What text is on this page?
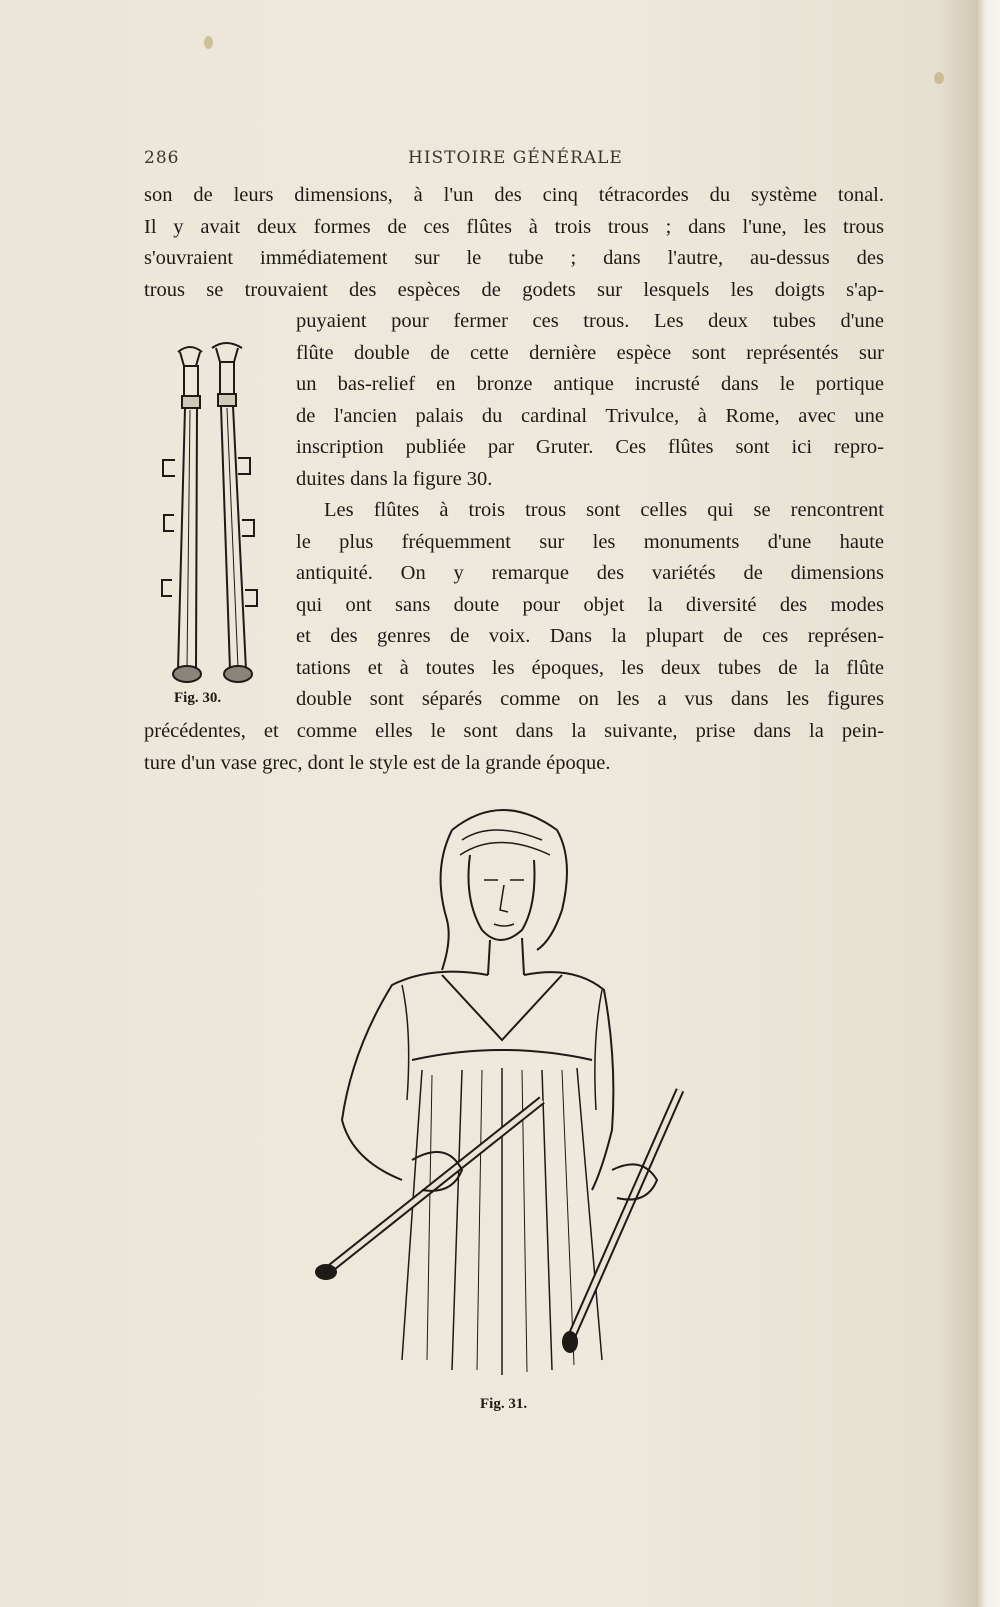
286	HISTOIRE GÉNÉRALE
son de leurs dimensions, à l'un des cinq tétracordes du système tonal.
Il y avait deux formes de ces flûtes à trois trous ; dans l'une, les trous
s'ouvraient immédiatement sur le tube ; dans l'autre, au-dessus des
trous se trouvaient des espèces de godets sur lesquels les doigts s'ap-
puyaient pour fermer ces trous. Les deux tubes d'une
flûte double de cette dernière espèce sont représentés sur
un bas-relief en bronze antique incrusté dans le portique
de l'ancien palais du cardinal Trivulce, à Rome, avec une
inscription publiée par Gruter. Ces flûtes sont ici repro-
duites dans la figure 30.
Les flûtes à trois trous sont celles qui se rencontrent
le plus fréquemment sur les monuments d'une haute
antiquité. On y remarque des variétés de dimensions
qui ont sans doute pour objet la diversité des modes
et des genres de voix. Dans la plupart de ces représen-
tations et à toutes les époques, les deux tubes de la flûte
double sont séparés comme on les a vus dans les figures
précédentes, et comme elles le sont dans la suivante, prise dans la pein-
ture d'un vase grec, dont le style est de la grande époque.
Fig. 30.
Fig. 31.
